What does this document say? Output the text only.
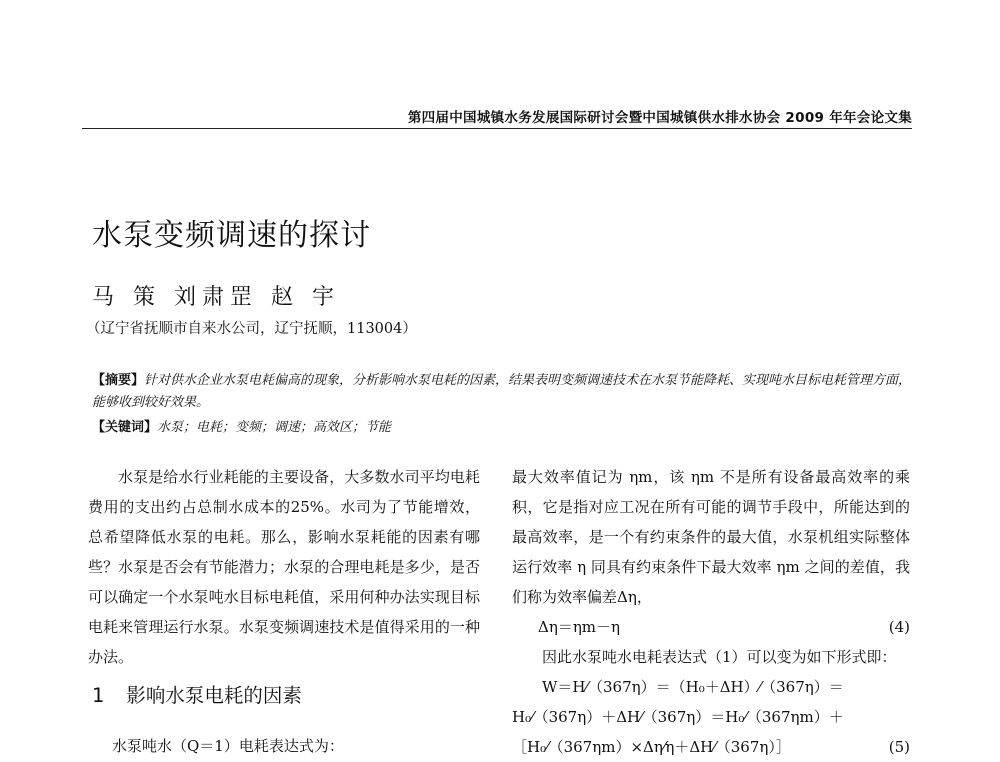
第四届中国城镇水务发展国际研讨会暨中国城镇供水排水协会 2009 年年会论文集
水泵变频调速的探讨
马 策 刘肃罡 赵 宇
（辽宁省抚顺市自来水公司，辽宁抚顺，113004）
【摘要】针对供水企业水泵电耗偏高的现象，分析影响水泵电耗的因素，结果表明变频调速技术在水泵节能降耗、实现吨水目标电耗管理方面，能够收到较好效果。
【关键词】水泵；电耗；变频；调速；高效区；节能

水泵是给水行业耗能的主要设备，大多数水司平均电耗费用的支出约占总制水成本的25%。水司为了节能增效，总希望降低水泵的电耗。那么，影响水泵耗能的因素有哪些？水泵是否会有节能潜力；水泵的合理电耗是多少，是否可以确定一个水泵吨水目标电耗值，采用何种办法实现目标电耗来管理运行水泵。水泵变频调速技术是值得采用的一种办法。

1 影响水泵电耗的因素
水泵吨水（Q＝1）电耗表达式为：

最大效率值记为 ηm，该 ηm 不是所有设备最高效率的乘积，它是指对应工况在所有可能的调节手段中，所能达到的最高效率，是一个有约束条件的最大值，水泵机组实际整体运行效率 η 同具有约束条件下最大效率 ηm 之间的差值，我们称为效率偏差Δη，

Δη＝ηm－η	(4)

因此水泵吨水电耗表达式（1）可以变为如下形式即：

W＝H⁄（367η）＝（H₀＋ΔH）⁄（367η）＝

H₀⁄（367η）＋ΔH⁄（367η）＝H₀⁄（367ηm）＋

［H₀⁄（367ηm）×Δη⁄η＋ΔH⁄（367η）］	(5)
